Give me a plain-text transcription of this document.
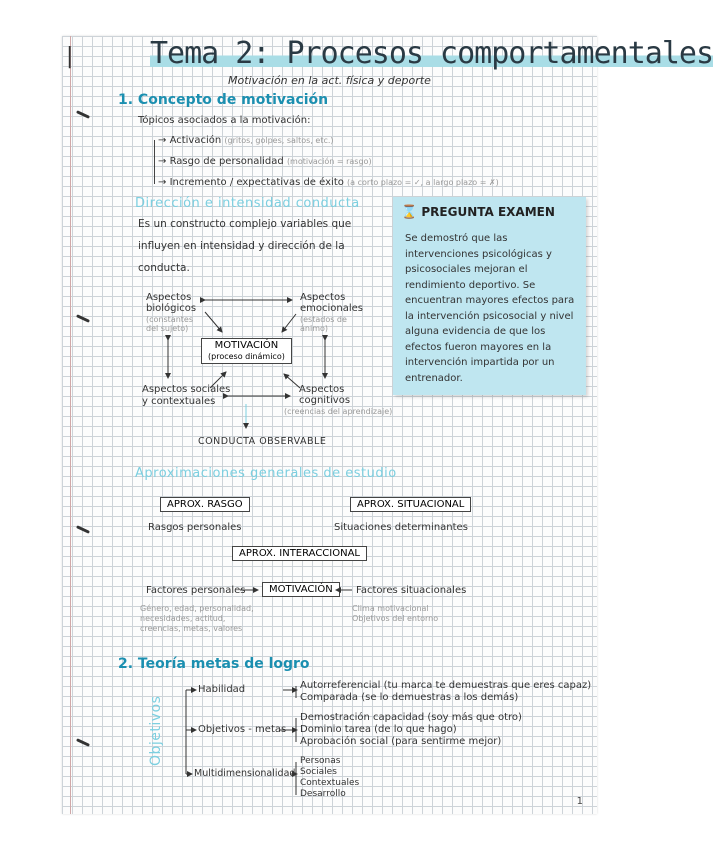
|	Tema 2: Procesos comportamentales
Motivación en la act. física y deporte
1. Concepto de motivación
Tópicos asociados a la motivación:
→ Activación (gritos, golpes, saltos, etc.)
→ Rasgo de personalidad (motivación = rasgo)
→ Incremento / expectativas de éxito (a corto plazo = ✓, a largo plazo = ✗)
Dirección e intensidad conducta
Es un constructo complejo variables que
influyen en intensidad y dirección de la
conducta.
Aspectos
biológicos
(constantes
del sujeto)
Aspectos
emocionales
(estados de
ánimo)
MOTIVACIÓN
(proceso dinámico)
Aspectos sociales
y contextuales
Aspectos
cognitivos
(creencias del aprendizaje)
CONDUCTA OBSERVABLE
⌛ PREGUNTA EXAMEN
Se demostró que las intervenciones psicológicas y psicosociales mejoran el rendimiento deportivo. Se encuentran mayores efectos para la intervención psicosocial y nivel alguna evidencia de que los efectos fueron mayores en la intervención impartida por un entrenador.
Aproximaciones generales de estudio
APROX. RASGO
Rasgos personales
APROX. SITUACIONAL
Situaciones determinantes
APROX. INTERACCIONAL
Factores personales	MOTIVACIÓN	Factores situacionales
Género, edad, personalidad,
necesidades, actitud,
creencias, metas, valores
Clima motivacional
Objetivos del entorno
2. Teoría metas de logro
Objetivos
Habilidad	Autorreferencial (tu marca te demuestras que eres capaz)
Comparada (se lo demuestras a los demás)
Objetivos - metas
Demostración capacidad (soy más que otro)
Dominio tarea (de lo que hago)
Aprobación social (para sentirme mejor)
Multidimensionalidad
Personas
Sociales
Contextuales
Desarrollo
1
